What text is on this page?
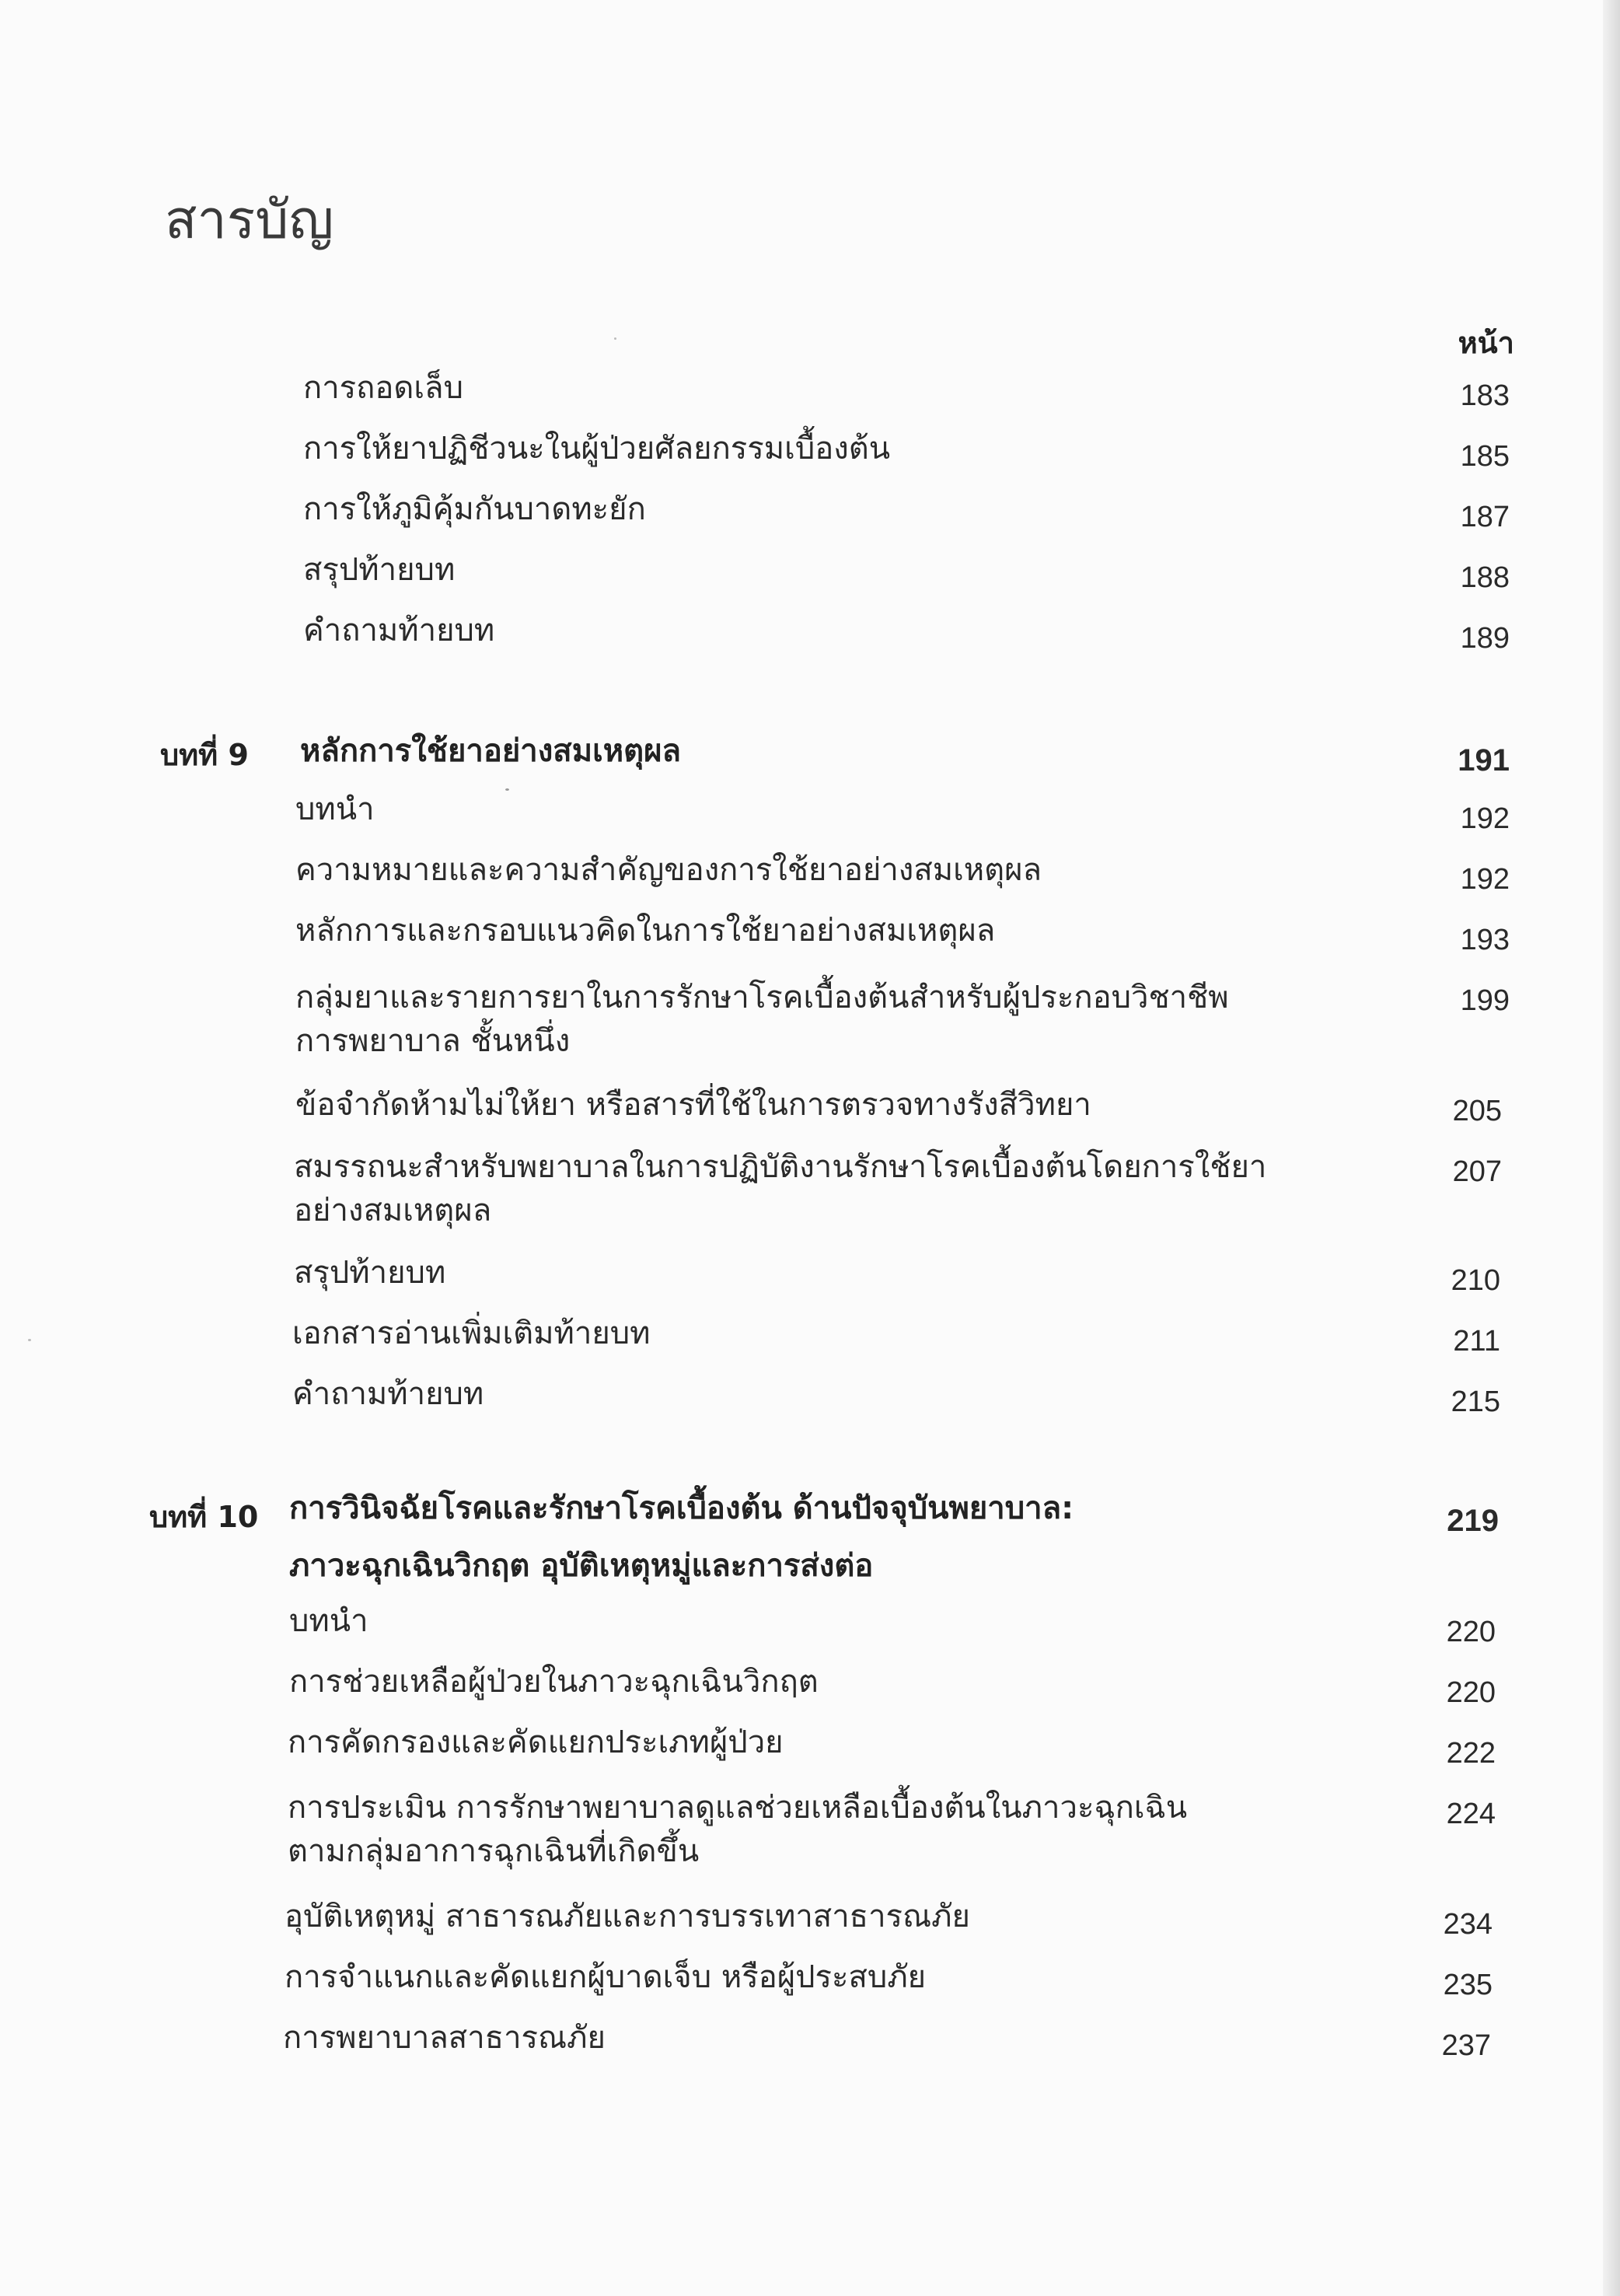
สารบัญ
หน้า
การถอดเล็บ	183
การให้ยาปฏิชีวนะในผู้ป่วยศัลยกรรมเบื้องต้น	185
การให้ภูมิคุ้มกันบาดทะยัก	187
สรุปท้ายบท	188
คำถามท้ายบท	189
บทที่ 9 หลักการใช้ยาอย่างสมเหตุผล	191
บทนำ	192
ความหมายและความสำคัญของการใช้ยาอย่างสมเหตุผล	192
หลักการและกรอบแนวคิดในการใช้ยาอย่างสมเหตุผล	193
กลุ่มยาและรายการยาในการรักษาโรคเบื้องต้นสำหรับผู้ประกอบวิชาชีพ
การพยาบาล ชั้นหนึ่ง
199
ข้อจำกัดห้ามไม่ให้ยา หรือสารที่ใช้ในการตรวจทางรังสีวิทยา	205
สมรรถนะสำหรับพยาบาลในการปฏิบัติงานรักษาโรคเบื้องต้นโดยการใช้ยา
อย่างสมเหตุผล
207
สรุปท้ายบท	210
เอกสารอ่านเพิ่มเติมท้ายบท	211
คำถามท้ายบท	215
บทที่ 10 การวินิจฉัยโรคและรักษาโรคเบื้องต้น ด้านปัจจุบันพยาบาล:
ภาวะฉุกเฉินวิกฤต อุบัติเหตุหมู่และการส่งต่อ
219
บทนำ	220
การช่วยเหลือผู้ป่วยในภาวะฉุกเฉินวิกฤต	220
การคัดกรองและคัดแยกประเภทผู้ป่วย	222
การประเมิน การรักษาพยาบาลดูแลช่วยเหลือเบื้องต้นในภาวะฉุกเฉิน
ตามกลุ่มอาการฉุกเฉินที่เกิดขึ้น
224
อุบัติเหตุหมู่ สาธารณภัยและการบรรเทาสาธารณภัย	234
การจำแนกและคัดแยกผู้บาดเจ็บ หรือผู้ประสบภัย	235
การพยาบาลสาธารณภัย	237
